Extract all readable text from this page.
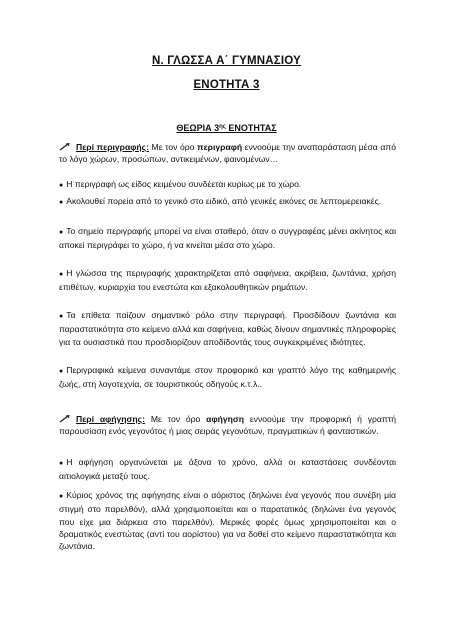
Ν. ΓΛΩΣΣΑ Α΄ ΓΥΜΝΑΣΙΟΥ
ΕΝΟΤΗΤΑ 3
ΘΕΩΡΙΑ $3^{\eta\varsigma}$ ΕΝΟΤΗΤΑΣ

Περί περιγραφής: Με τον όρο περιγραφή εννοούμε την αναπαράσταση μέσα από το λόγο χώρων, προσώπων, αντικειμένων, φαινομένων…

● Η περιγραφή ως είδος κειμένου συνδέεται κυρίως με το χώρο.

● Ακολουθεί πορεία από το γενικό στο ειδικό, από γενικές εικόνες σε λεπτομερειακές.

● Το σημείο περιγραφής μπορεί να είναι σταθερό, όταν ο συγγραφέας μένει ακίνητος και αποκεί περιγράφει το χώρο, ή να κινείται μέσα στο χώρο.

● Η γλώσσα της περιγραφής χαρακτηρίζεται από σαφήνεια, ακρίβεια, ζωντάνια, χρήση επιθέτων, κυριαρχία του ενεστώτα και εξακολουθητικών ρημάτων.

● Τα επίθετα παίζουν σημαντικό ρόλο στην περιγραφή. Προσδίδουν ζωντάνια και παραστατικότητα στο κείμενο αλλά και σαφήνεια, καθώς δίνουν σημαντικές πληροφορίες για τα ουσιαστικά που προσδιορίζουν αποδίδοντάς τους συγκεκριμένες ιδιότητες.

● Περιγραφικά κείμενα συναντάμε στον προφορικό και γραπτό λόγο της καθημερινής ζωής, στη λογοτεχνία, σε τουριστικούς οδηγούς κ.τ.λ..

Περί αφήγησης: Με τον όρο αφήγηση εννοούμε την προφορική ή γραπτή παρουσίαση ενός γεγονότος ή μιας σειράς γεγονότων, πραγματικών ή φανταστικών.

● Η αφήγηση οργανώνεται με άξονα το χρόνο, αλλά οι καταστάσεις συνδέονται αιτιολογικά μεταξύ τους.

● Κύριος χρόνος της αφήγησης είναι ο αόριστος (δηλώνει ένα γεγονός που συνέβη μία στιγμή στο παρελθόν), αλλά χρησιμοποιείται και ο παρατατικός (δηλώνει ένα γεγονός που είχε μια διάρκεια στο παρελθόν). Μερικές φορές όμως χρησιμοποιείται και ο δραματικός ενεστώτας (αντί του αορίστου) για να δοθεί στο κείμενο παραστατικότητα και ζωντάνια.
